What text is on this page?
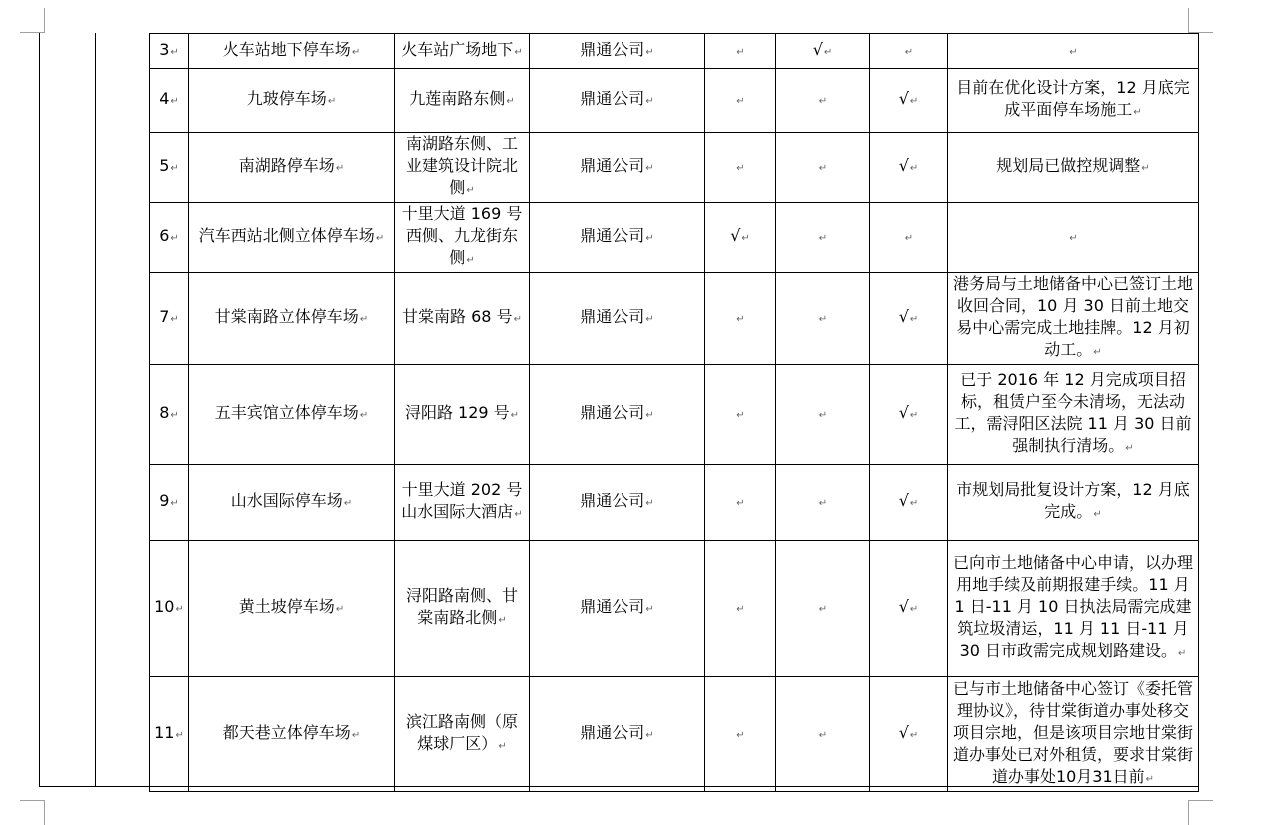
3↵	火车站地下停车场↵	火车站广场地下↵	鼎通公司↵	↵	√↵	↵	↵
4↵	九玻停车场↵	九莲南路东侧↵	鼎通公司↵	↵	↵	√↵	目前在优化设计方案，12 月底完成平面停车场施工↵
5↵	南湖路停车场↵	南湖路东侧、工业建筑设计院北侧↵	鼎通公司↵	↵	↵	√↵	规划局已做控规调整↵
6↵	汽车西站北侧立体停车场↵	十里大道 169 号西侧、九龙街东侧↵	鼎通公司↵	√↵	↵	↵	↵
7↵	甘棠南路立体停车场↵	甘棠南路 68 号↵	鼎通公司↵	↵	↵	√↵	港务局与土地储备中心已签订土地收回合同，10 月 30 日前土地交易中心需完成土地挂牌。12 月初动工。↵
8↵	五丰宾馆立体停车场↵	浔阳路 129 号↵	鼎通公司↵	↵	↵	√↵	已于 2016 年 12 月完成项目招标，租赁户至今未清场，无法动工，需浔阳区法院 11 月 30 日前强制执行清场。↵
9↵	山水国际停车场↵	十里大道 202 号山水国际大酒店↵	鼎通公司↵	↵	↵	√↵	市规划局批复设计方案，12 月底完成。↵
10↵	黄土坡停车场↵	浔阳路南侧、甘棠南路北侧↵	鼎通公司↵	↵	↵	√↵	已向市土地储备中心申请，以办理用地手续及前期报建手续。11 月 1 日-11 月 10 日执法局需完成建筑垃圾清运，11 月 11 日-11 月 30 日市政需完成规划路建设。↵
11↵	都天巷立体停车场↵	滨江路南侧（原煤球厂区）↵	鼎通公司↵	↵	↵	√↵	已与市土地储备中心签订《委托管理协议》，待甘棠街道办事处移交项目宗地，但是该项目宗地甘棠街道办事处已对外租赁，要求甘棠街道办事处10月31日前↵
